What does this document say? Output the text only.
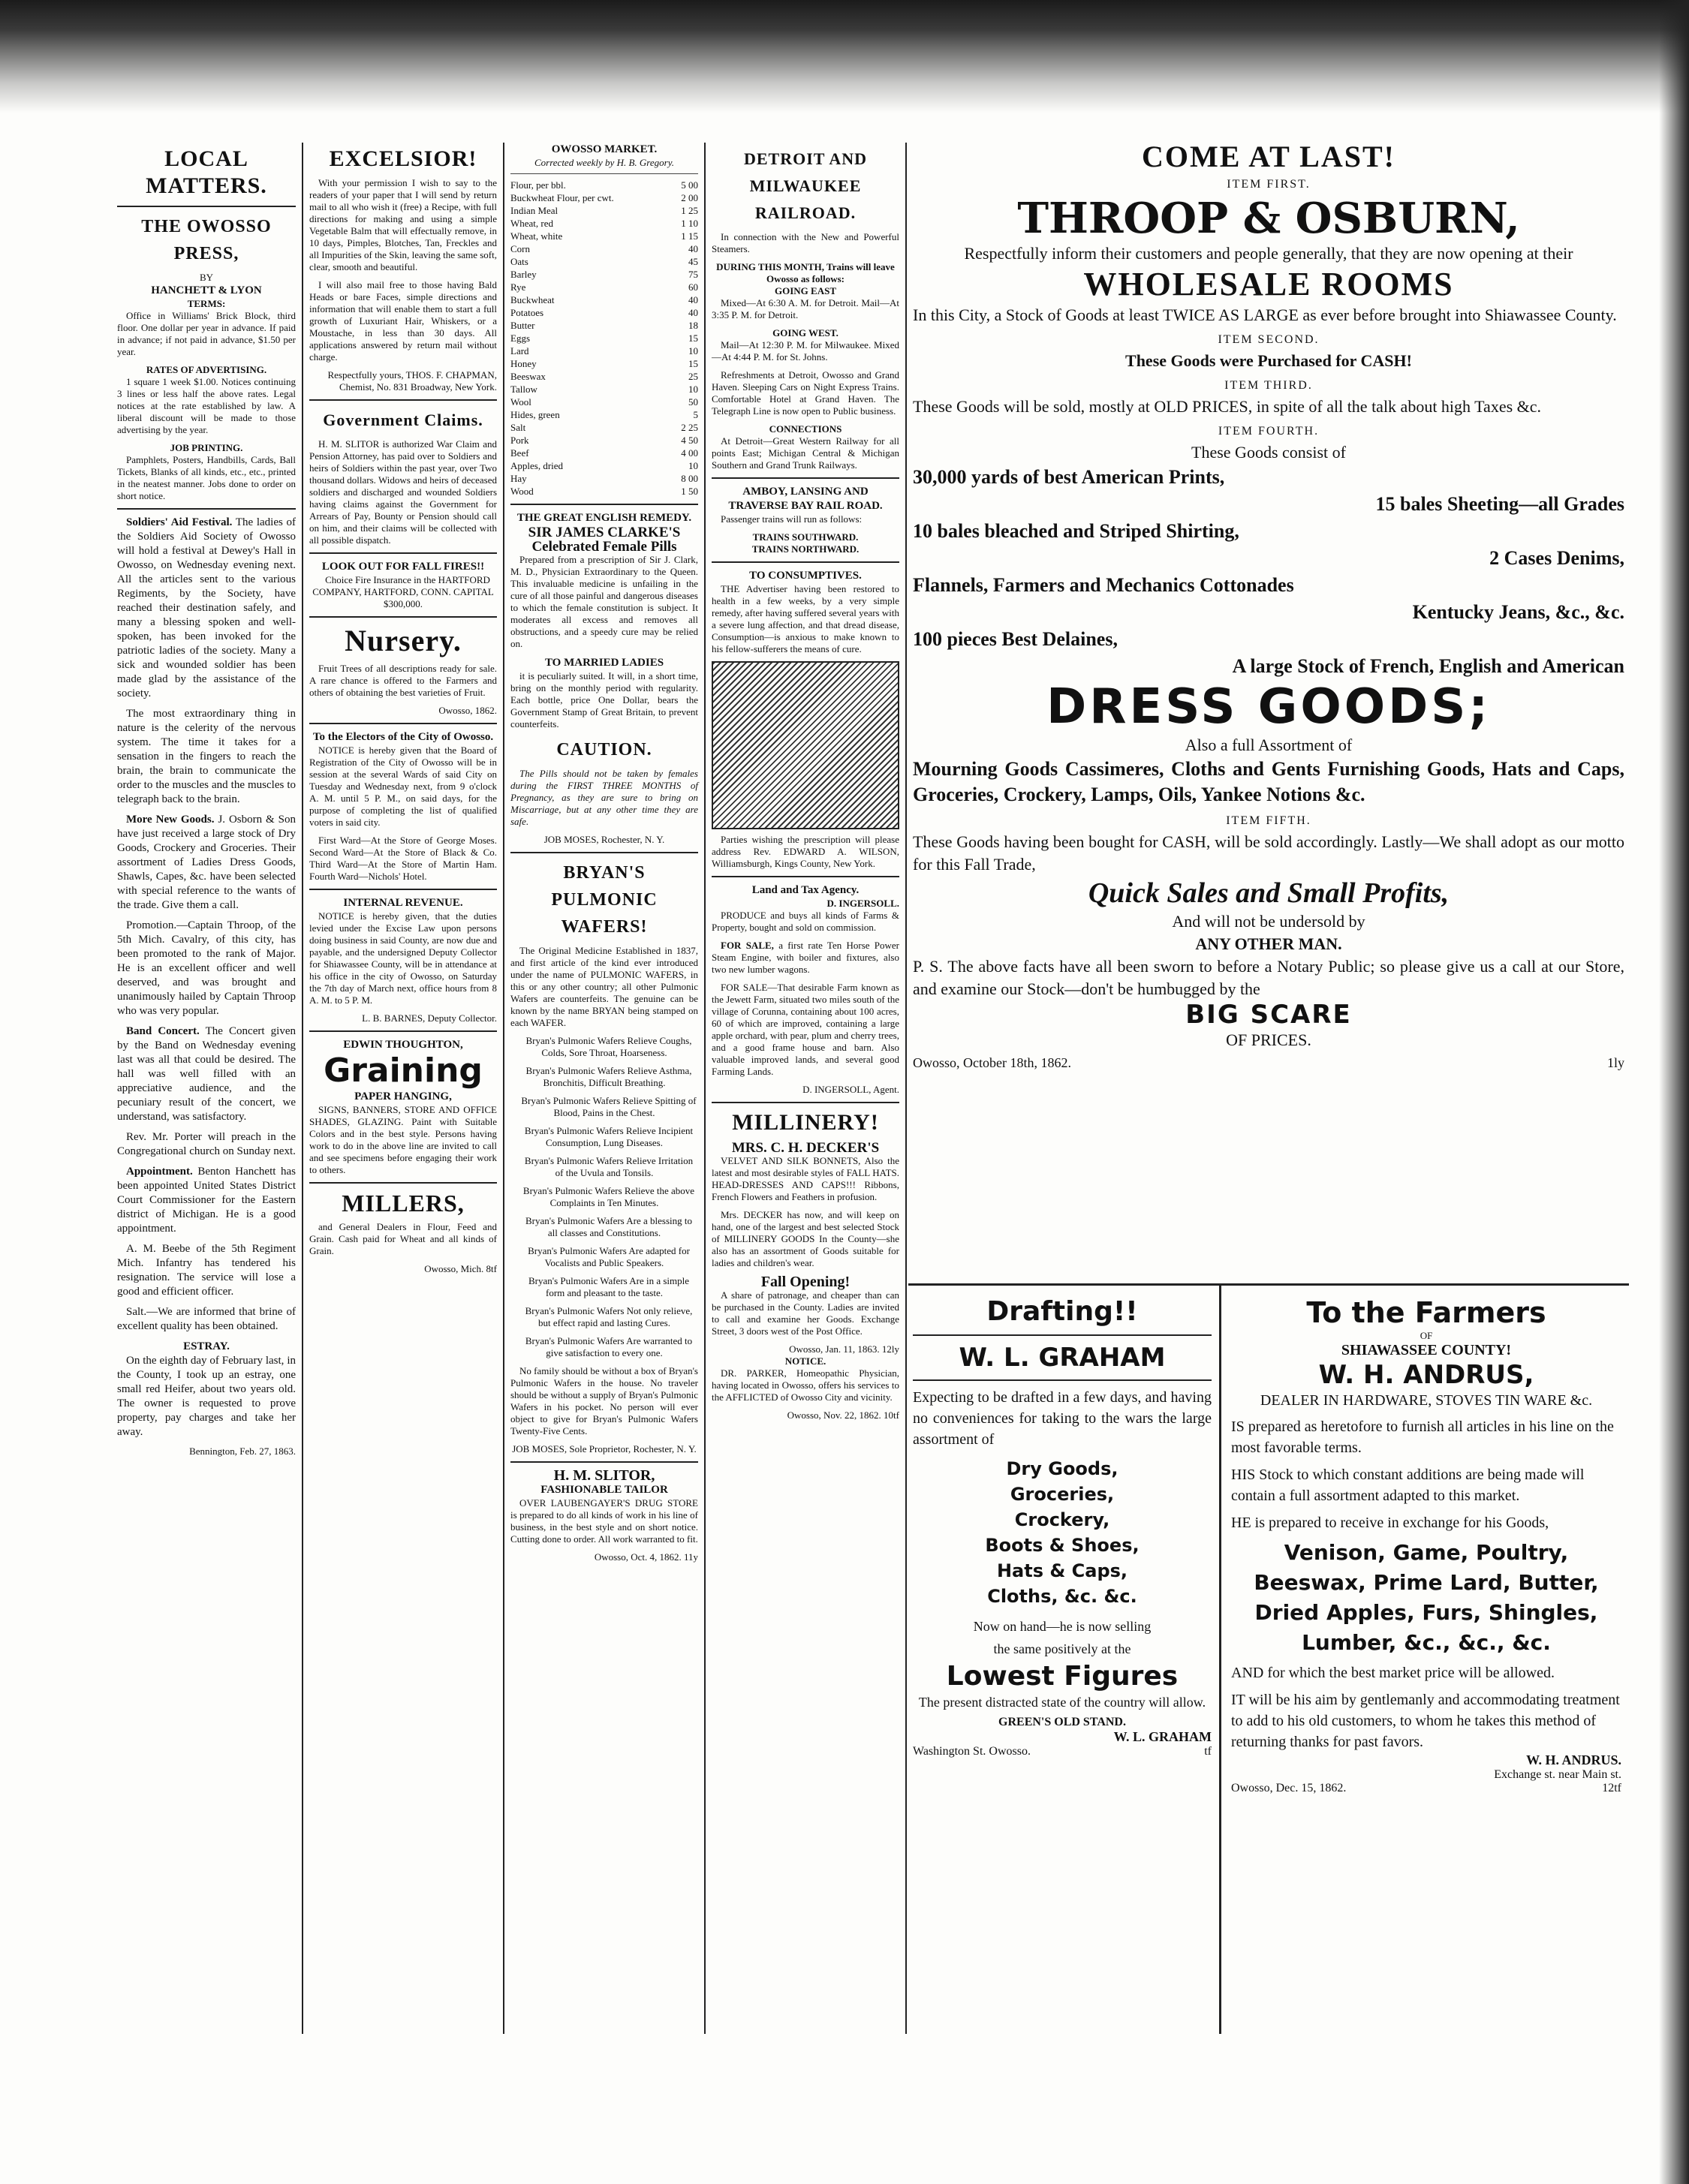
LOCAL MATTERS.
THE OWOSSO PRESS,
BY
HANCHETT & LYON
TERMS:
Office in Williams' Brick Block, third floor. One dollar per year in advance. If paid in advance; if not paid in advance, $1.50 per year.
RATES OF ADVERTISING.
1 square 1 week $1.00. Notices continuing 3 lines or less half the above rates. Legal notices at the rate established by law. A liberal discount will be made to those advertising by the year.
JOB PRINTING.
Pamphlets, Posters, Handbills, Cards, Ball Tickets, Blanks of all kinds, etc., etc., printed in the neatest manner. Jobs done to order on short notice.
Soldiers' Aid Festival. The ladies of the Soldiers Aid Society of Owosso will hold a festival at Dewey's Hall in Owosso, on Wednesday evening next. All the articles sent to the various Regiments, by the Society, have reached their destination safely, and many a blessing spoken and well-spoken, has been invoked for the patriotic ladies of the society. Many a sick and wounded soldier has been made glad by the assistance of the society.
The most extraordinary thing in nature is the celerity of the nervous system. The time it takes for a sensation in the fingers to reach the brain, the brain to communicate the order to the muscles and the muscles to telegraph back to the brain.
More New Goods. J. Osborn & Son have just received a large stock of Dry Goods, Crockery and Groceries. Their assortment of Ladies Dress Goods, Shawls, Capes, &c. have been selected with special reference to the wants of the trade. Give them a call.
Promotion.—Captain Throop, of the 5th Mich. Cavalry, of this city, has been promoted to the rank of Major. He is an excellent officer and well deserved, and was brought and unanimously hailed by Captain Throop who was very popular.
Band Concert. The Concert given by the Band on Wednesday evening last was all that could be desired. The hall was well filled with an appreciative audience, and the pecuniary result of the concert, we understand, was satisfactory.
Rev. Mr. Porter will preach in the Congregational church on Sunday next.
Appointment. Benton Hanchett has been appointed United States District Court Commissioner for the Eastern district of Michigan. He is a good appointment.
A. M. Beebe of the 5th Regiment Mich. Infantry has tendered his resignation. The service will lose a good and efficient officer.
Salt.—We are informed that brine of excellent quality has been obtained.
ESTRAY.
On the eighth day of February last, in the County, I took up an estray, one small red Heifer, about two years old. The owner is requested to prove property, pay charges and take her away.
Bennington, Feb. 27, 1863.
EXCELSIOR!
With your permission I wish to say to the readers of your paper that I will send by return mail to all who wish it (free) a Recipe, with full directions for making and using a simple Vegetable Balm that will effectually remove, in 10 days, Pimples, Blotches, Tan, Freckles and all Impurities of the Skin, leaving the same soft, clear, smooth and beautiful.
I will also mail free to those having Bald Heads or bare Faces, simple directions and information that will enable them to start a full growth of Luxuriant Hair, Whiskers, or a Moustache, in less than 30 days. All applications answered by return mail without charge.
Respectfully yours, THOS. F. CHAPMAN, Chemist, No. 831 Broadway, New York.
Government Claims.
H. M. SLITOR is authorized War Claim and Pension Attorney, has paid over to Soldiers and heirs of Soldiers within the past year, over Two thousand dollars. Widows and heirs of deceased soldiers and discharged and wounded Soldiers having claims against the Government for Arrears of Pay, Bounty or Pension should call on him, and their claims will be collected with all possible dispatch.
LOOK OUT FOR FALL FIRES!!
Choice Fire Insurance in the HARTFORD COMPANY, HARTFORD, CONN. CAPITAL $300,000.
Nursery.
Fruit Trees of all descriptions ready for sale. A rare chance is offered to the Farmers and others of obtaining the best varieties of Fruit.
Owosso, 1862.
To the Electors of the City of Owosso.
NOTICE is hereby given that the Board of Registration of the City of Owosso will be in session at the several Wards of said City on Tuesday and Wednesday next, from 9 o'clock A. M. until 5 P. M., on said days, for the purpose of completing the list of qualified voters in said city.
First Ward—At the Store of George Moses. Second Ward—At the Store of Black & Co. Third Ward—At the Store of Martin Ham. Fourth Ward—Nichols' Hotel.
INTERNAL REVENUE.
NOTICE is hereby given, that the duties levied under the Excise Law upon persons doing business in said County, are now due and payable, and the undersigned Deputy Collector for Shiawassee County, will be in attendance at his office in the city of Owosso, on Saturday the 7th day of March next, office hours from 8 A. M. to 5 P. M.
L. B. BARNES, Deputy Collector.
EDWIN THOUGHTON,
Graining
PAPER HANGING,
SIGNS, BANNERS, STORE AND OFFICE SHADES, GLAZING. Paint with Suitable Colors and in the best style. Persons having work to do in the above line are invited to call and see specimens before engaging their work to others.
MILLERS,
and General Dealers in Flour, Feed and Grain. Cash paid for Wheat and all kinds of Grain.
Owosso, Mich. 8tf
OWOSSO MARKET.
Corrected weekly by H. B. Gregory.
Flour, per bbl.	5 00
Buckwheat Flour, per cwt.	2 00
Indian Meal	1 25
Wheat, red	1 10
Wheat, white	1 15
Corn	40
Oats	45
Barley	75
Rye	60
Buckwheat	40
Potatoes	40
Butter	18
Eggs	15
Lard	10
Honey	15
Beeswax	25
Tallow	10
Wool	50
Hides, green	5
Salt	2 25
Pork	4 50
Beef	4 00
Apples, dried	10
Hay	8 00
Wood	1 50
THE GREAT ENGLISH REMEDY.
SIR JAMES CLARKE'S Celebrated Female Pills
Prepared from a prescription of Sir J. Clark, M. D., Physician Extraordinary to the Queen. This invaluable medicine is unfailing in the cure of all those painful and dangerous diseases to which the female constitution is subject. It moderates all excess and removes all obstructions, and a speedy cure may be relied on.
TO MARRIED LADIES
it is peculiarly suited. It will, in a short time, bring on the monthly period with regularity. Each bottle, price One Dollar, bears the Government Stamp of Great Britain, to prevent counterfeits.
CAUTION.
The Pills should not be taken by females during the FIRST THREE MONTHS of Pregnancy, as they are sure to bring on Miscarriage, but at any other time they are safe.
JOB MOSES, Rochester, N. Y.
BRYAN'S PULMONIC WAFERS!
The Original Medicine Established in 1837, and first article of the kind ever introduced under the name of PULMONIC WAFERS, in this or any other country; all other Pulmonic Wafers are counterfeits. The genuine can be known by the name BRYAN being stamped on each WAFER.
Bryan's Pulmonic Wafers Relieve Coughs, Colds, Sore Throat, Hoarseness.
Bryan's Pulmonic Wafers Relieve Asthma, Bronchitis, Difficult Breathing.
Bryan's Pulmonic Wafers Relieve Spitting of Blood, Pains in the Chest.
Bryan's Pulmonic Wafers Relieve Incipient Consumption, Lung Diseases.
Bryan's Pulmonic Wafers Relieve Irritation of the Uvula and Tonsils.
Bryan's Pulmonic Wafers Relieve the above Complaints in Ten Minutes.
Bryan's Pulmonic Wafers Are a blessing to all classes and Constitutions.
Bryan's Pulmonic Wafers Are adapted for Vocalists and Public Speakers.
Bryan's Pulmonic Wafers Are in a simple form and pleasant to the taste.
Bryan's Pulmonic Wafers Not only relieve, but effect rapid and lasting Cures.
Bryan's Pulmonic Wafers Are warranted to give satisfaction to every one.
No family should be without a box of Bryan's Pulmonic Wafers in the house. No traveler should be without a supply of Bryan's Pulmonic Wafers in his pocket. No person will ever object to give for Bryan's Pulmonic Wafers Twenty-Five Cents.
JOB MOSES, Sole Proprietor, Rochester, N. Y.
H. M. SLITOR,
FASHIONABLE TAILOR
OVER LAUBENGAYER'S DRUG STORE is prepared to do all kinds of work in his line of business, in the best style and on short notice. Cutting done to order. All work warranted to fit.
Owosso, Oct. 4, 1862. 11y
DETROIT AND MILWAUKEE RAILROAD.
In connection with the New and Powerful Steamers.
DURING THIS MONTH, Trains will leave Owosso as follows:
GOING EAST
Mixed—At 6:30 A. M. for Detroit. Mail—At 3:35 P. M. for Detroit.
GOING WEST.
Mail—At 12:30 P. M. for Milwaukee. Mixed—At 4:44 P. M. for St. Johns.
Refreshments at Detroit, Owosso and Grand Haven. Sleeping Cars on Night Express Trains. Comfortable Hotel at Grand Haven. The Telegraph Line is now open to Public business.
CONNECTIONS
At Detroit—Great Western Railway for all points East; Michigan Central & Michigan Southern and Grand Trunk Railways.
AMBOY, LANSING AND TRAVERSE BAY RAIL ROAD.
Passenger trains will run as follows:
TRAINS SOUTHWARD.
TRAINS NORTHWARD.
TO CONSUMPTIVES.
THE Advertiser having been restored to health in a few weeks, by a very simple remedy, after having suffered several years with a severe lung affection, and that dread disease, Consumption—is anxious to make known to his fellow-sufferers the means of cure.
Parties wishing the prescription will please address Rev. EDWARD A. WILSON, Williamsburgh, Kings County, New York.
Land and Tax Agency.
D. INGERSOLL.
PRODUCE and buys all kinds of Farms & Property, bought and sold on commission.
FOR SALE, a first rate Ten Horse Power Steam Engine, with boiler and fixtures, also two new lumber wagons.
FOR SALE—That desirable Farm known as the Jewett Farm, situated two miles south of the village of Corunna, containing about 100 acres, 60 of which are improved, containing a large apple orchard, with pear, plum and cherry trees, and a good frame house and barn. Also valuable improved lands, and several good Farming Lands.
D. INGERSOLL, Agent.
MILLINERY!
MRS. C. H. DECKER'S
VELVET AND SILK BONNETS, Also the latest and most desirable styles of FALL HATS. HEAD-DRESSES AND CAPS!!! Ribbons, French Flowers and Feathers in profusion.
Mrs. DECKER has now, and will keep on hand, one of the largest and best selected Stock of MILLINERY GOODS In the County—she also has an assortment of Goods suitable for ladies and children's wear.
Fall Opening!
A share of patronage, and cheaper than can be purchased in the County. Ladies are invited to call and examine her Goods. Exchange Street, 3 doors west of the Post Office.
Owosso, Jan. 11, 1863. 12ly
NOTICE.
DR. PARKER, Homeopathic Physician, having located in Owosso, offers his services to the AFFLICTED of Owosso City and vicinity.
Owosso, Nov. 22, 1862. 10tf
COME AT LAST!
ITEM FIRST.
THROOP & OSBURN,
Respectfully inform their customers and people generally, that they are now opening at their
WHOLESALE ROOMS
In this City, a Stock of Goods at least TWICE AS LARGE as ever before brought into Shiawassee County.
ITEM SECOND.
These Goods were Purchased for CASH!
ITEM THIRD.
These Goods will be sold, mostly at OLD PRICES, in spite of all the talk about high Taxes &c.
ITEM FOURTH.
These Goods consist of
30,000 yards of best American Prints,
15 bales Sheeting—all Grades
10 bales bleached and Striped Shirting,
2 Cases Denims,
Flannels, Farmers and Mechanics Cottonades
Kentucky Jeans, &c., &c.
100 pieces Best Delaines,
A large Stock of French, English and American
DRESS GOODS;
Also a full Assortment of
Mourning Goods Cassimeres, Cloths and Gents Furnishing Goods, Hats and Caps, Groceries, Crockery, Lamps, Oils, Yankee Notions &c.
ITEM FIFTH.
These Goods having been bought for CASH, will be sold accordingly. Lastly—We shall adopt as our motto for this Fall Trade,
Quick Sales and Small Profits,
And will not be undersold by
ANY OTHER MAN.
P. S. The above facts have all been sworn to before a Notary Public; so please give us a call at our Store, and examine our Stock—don't be humbugged by the
BIG SCARE
OF PRICES.
Owosso, October 18th, 1862.	1ly
Drafting!!
W. L. GRAHAM
Expecting to be drafted in a few days, and having no conveniences for taking to the wars the large assortment of
Dry Goods,
Groceries,
Crockery,
Boots & Shoes,
Hats & Caps,
Cloths, &c. &c.
Now on hand—he is now selling
the same positively at the
Lowest Figures
The present distracted state of the country will allow.
GREEN'S OLD STAND.
W. L. GRAHAM
Washington St. Owosso.	tf
To the Farmers
OF
SHIAWASSEE COUNTY!
W. H. ANDRUS,
DEALER IN HARDWARE, STOVES TIN WARE &c.
IS prepared as heretofore to furnish all articles in his line on the most favorable terms.
HIS Stock to which constant additions are being made will contain a full assortment adapted to this market.
HE is prepared to receive in exchange for his Goods,
Venison, Game, Poultry, Beeswax, Prime Lard, Butter, Dried Apples, Furs, Shingles, Lumber, &c., &c., &c.
AND for which the best market price will be allowed.
IT will be his aim by gentlemanly and accommodating treatment to add to his old customers, to whom he takes this method of returning thanks for past favors.
W. H. ANDRUS.
Exchange st. near Main st.
Owosso, Dec. 15, 1862.	12tf
